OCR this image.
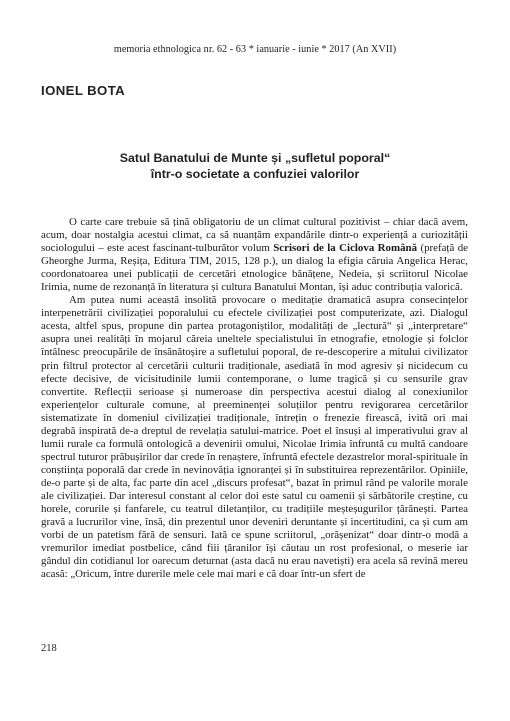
memoria ethnologica nr. 62 - 63 * ianuarie - iunie * 2017 (An XVII)
IONEL BOTA
Satul Banatului de Munte și „sufletul poporal“
într-o societate a confuziei valorilor

O carte care trebuie să țină obligatoriu de un climat cultural pozitivist – chiar dacă avem, acum, doar nostalgia acestui climat, ca să nuanțăm expandările dintr-o experiență a curiozității sociologului – este acest fascinant-tulburător volum Scrisori de la Ciclova Română (prefață de Gheorghe Jurma, Reșița, Editura TIM, 2015, 128 p.), un dialog la efigia căruia Angelica Herac, coordonatoarea unei publicații de cercetări etnologice bănățene, Nedeia, și scriitorul Nicolae Irimia, nume de rezonanță în literatura și cultura Banatului Montan, își aduc contribuția valorică.

Am putea numi această insolită provocare o meditație dramatică asupra consecințelor interpenetrării civilizației poporalului cu efectele civilizației post computerizate, azi. Dialogul acesta, altfel spus, propune din partea protagoniștilor, modalități de „lectură“ și „interpretare“ asupra unei realități în mojarul căreia uneltele specialistului în etnografie, etnologie și folclor întâlnesc preocupările de însănătoșire a sufletului poporal, de re-descoperire a mitului civilizator prin filtrul protector al cercetării culturii tradiționale, asediată în mod agresiv și nicidecum cu efecte decisive, de vicisitudinile lumii contemporane, o lume tragică și cu sensurile grav convertite. Reflecții serioase și numeroase din perspectiva acestui dialog al conexiunilor experiențelor culturale comune, al preeminenței soluțiilor pentru revigorarea cercetărilor sistematizate în domeniul civilizației tradiționale, întrețin o frenezie firească, ivită ori mai degrabă inspirată de-a dreptul de revelația satului-matrice. Poet el însuși al imperativului grav al lumii rurale ca formulă ontologică a devenirii omului, Nicolae Irimia înfruntă cu multă candoare spectrul tuturor prăbușirilor dar crede în renaștere, înfruntă efectele dezastrelor moral-spirituale în conștiința poporală dar crede în nevinovăția ignoranței și în substituirea reprezentărilor. Opiniile, de-o parte și de alta, fac parte din acel „discurs profesat“, bazat în primul rând pe valorile morale ale civilizației. Dar interesul constant al celor doi este satul cu oamenii și sărbătorile creștine, cu horele, corurile și fanfarele, cu teatrul diletanților, cu tradițiile meșteșugurilor țărănești. Partea gravă a lucrurilor vine, însă, din prezentul unor deveniri deruntante și incertitudini, ca și cum am vorbi de un patetism fără de sensuri. Iată ce spune scriitorul, „orășenizat“ doar dintr-o modă a vremurilor imediat postbelice, când fiii țăranilor își căutau un rost profesional, o meserie iar gândul din cotidianul lor oarecum deturnat (asta dacă nu erau navetiști) era acela să revină mereu acasă: „Oricum, între durerile mele cele mai mari e că doar într-un sfert de

218
